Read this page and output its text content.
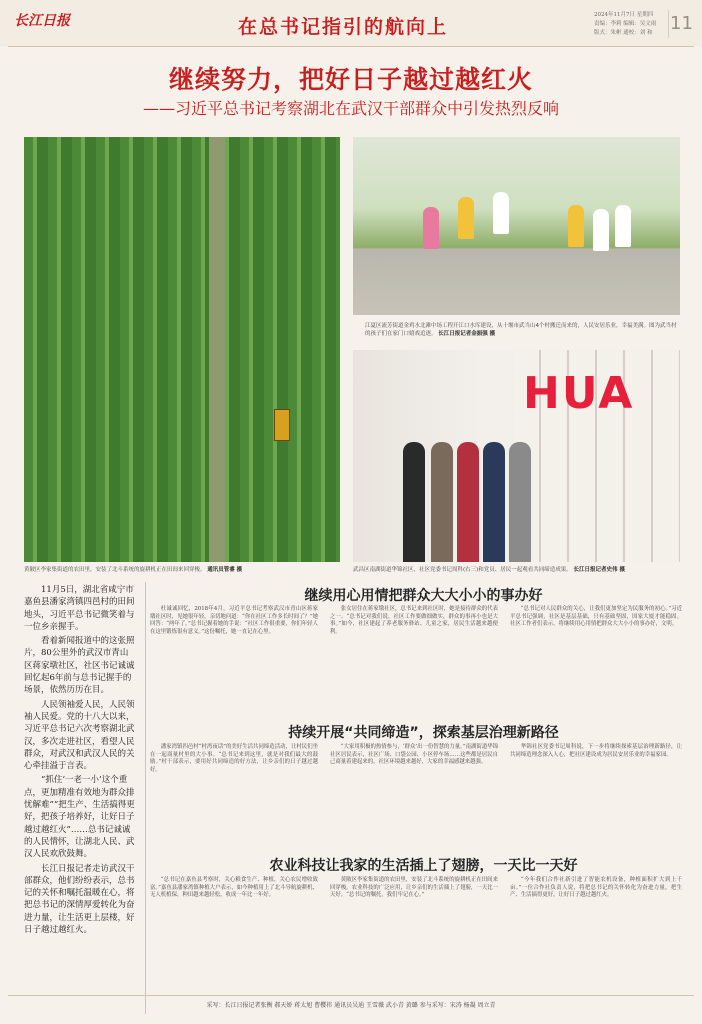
长江日报	在总书记指引的航向上
2024年11月7日 星期四
责编：李莉 编辑：吴文雨
版式：朱彬 通校：刘 和 11
继续努力，把好日子越过越红火
——习近平总书记考察湖北在武汉干部群众中引发热烈反响
江夏区流芳街道金鸡水北滩中场工程开江口水库建设，从十堰市武当山4个村搬迁而来的，人民安居乐业，幸福美满。图为武当村的孩子们在家门口嬉戏追逐。 长江日报记者金振强 摄
HUA
黄陂区李家集街道的农田里，安装了北斗系统的旋耕机正在田间来回穿梭。 通讯员管睿 摄	武昌区南湖街道华锦社区，社区党委书记周科(右三)和党员、居民一起观看共同缔造成果。 长江日报记者史伟 摄

11月5日，湖北省咸宁市嘉鱼县潘家湾镇四邑村的田间地头，习近平总书记微笑着与一位乡亲握手。

看着新闻报道中的这张照片，80公里外的武汉市青山区蒋家墩社区，社区书记诚诚回忆起6年前与总书记握手的场景，依然历历在目。

人民领袖爱人民，人民领袖人民爱。党的十八大以来，习近平总书记六次考察湖北武汉，多次走进社区，看望人民群众，对武汉和武汉人民的关心牵挂溢于言表。

“抓住‘一老一小’这个重点，更加精准有效地为群众排忧解难”“把生产、生活搞得更好，把孩子培养好，让好日子越过越红火”……总书记诚诚的人民情怀，让湖北人民、武汉人民欢欣鼓舞。

长江日报记者走访武汉干部群众，他们纷纷表示，总书记的关怀和嘱托温暖在心，将把总书记的深情厚爱转化为奋进力量，让生活更上层楼，好日子越过越红火。

继续用心用情把群众大大小小的事办好

杜诚诚回忆，2018年4月，习近平总书记考察武汉市青山区蒋家墩社区时，见她很年轻，亲切地问道：“你在社区工作多长时间了？”她回答：“两年了。”总书记握着她的手说：“社区工作很重要，你们年轻人在这里锻炼很有意义。”这份嘱托，她一直记在心里。

张女居住在蒋家墩社区，总书记来到社区时，她是接待群众的代表之一。“总书记对我们说，社区工作要做细做实，群众的事再小也是大事。”如今，社区建起了养老服务驿站、儿童之家，居民生活越来越便利。

“总书记对人民群众的关心，让我们更加坚定为民服务的初心。”习近平总书记强调，社区是基层基础，只有基础坚固，国家大厦才能稳固。社区工作者们表示，将继续用心用情把群众大大小小的事办好，文明。

持续开展“共同缔造”，探索基层治理新路径

潘家湾镇四邑村“村湾夜话”的美好生活共同缔造活动，让村民们坐在一起商量村里的大小事。“总书记来到这里，就是对我们最大的鼓励。”村干部表示，要用好共同缔造的好方法，让乡亲们的日子越过越好。

“大家用积极的热情参与，‘群众’出一份智慧的力量。”南湖街道华锦社区居民表示，社区广场、口袋公园、小区停车场……这些都是居民自己商量着建起来的，社区环境越来越好，大家的幸福感越来越强。

华锦社区党委书记周科说，下一步将继续探索基层治理新路径，让共同缔造理念深入人心，把社区建设成为居民安居乐业的幸福家园。

农业科技让我家的生活插上了翅膀，一天比一天好

“总书记在嘉鱼县考察时，关心粮食生产、种植，关心农民增收致富。”嘉鱼县潘家湾镇种植大户表示，如今种植用上了北斗导航旋耕机、无人机植保，种田越来越轻松，收成一年比一年好。

黄陂区李家集街道的农田里，安装了北斗系统的旋耕机正在田间来回穿梭。农业科技的广泛应用，让乡亲们的生活插上了翅膀，一天比一天好。“总书记的嘱托，我们牢记在心。”

“今年我们合作社新引进了智能农机设备，种植面积扩大到上千亩。”一位合作社负责人说，将把总书记的关怀转化为奋进力量，把生产、生活搞得更好，让好日子越过越红火。

采写：长江日报记者张衡 郝天娇 蒋太旭 曹樱祎 通讯员吴迪 王雪薇 武小青 黄璐 参与采写：宋涛 杨凝 周立青
